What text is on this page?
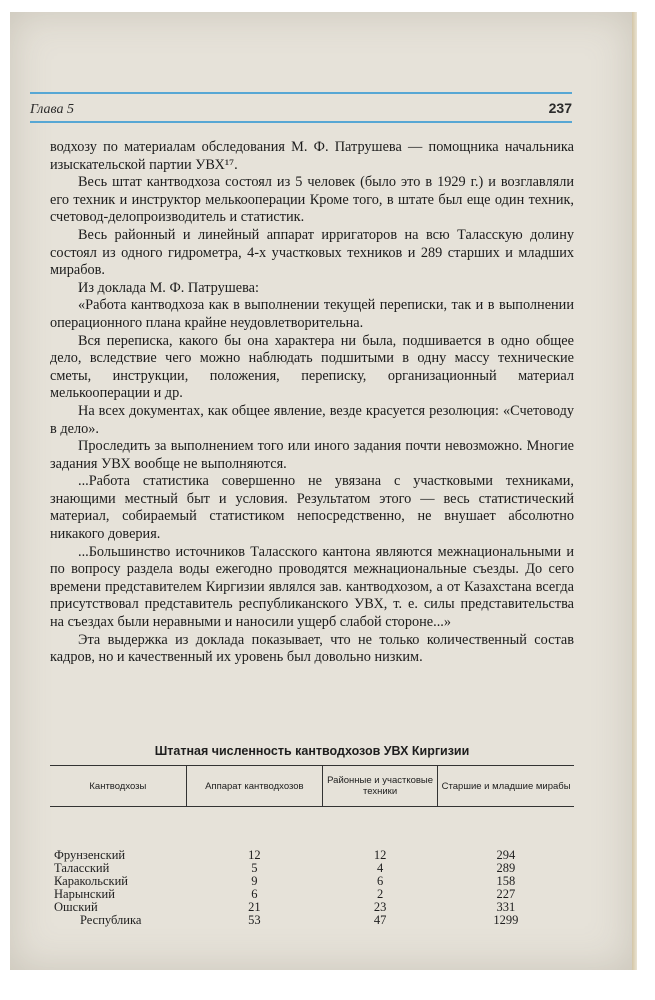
Глава 5	237

водхозу по материалам обследования М. Ф. Патрушева — помощника начальника изыскательской партии УВХ¹⁷.

Весь штат кантводхоза состоял из 5 человек (было это в 1929 г.) и возглавляли его техник и инструктор мелькооперации Кроме того, в штате был еще один техник, счетовод-делопроизводитель и статистик.

Весь районный и линейный аппарат ирригаторов на всю Таласскую долину состоял из одного гидрометра, 4-х участковых техников и 289 старших и младших мирабов.

Из доклада М. Ф. Патрушева:

«Работа кантводхоза как в выполнении текущей переписки, так и в выполнении операционного плана крайне неудовлетворительна.

Вся переписка, какого бы она характера ни была, подшивается в одно общее дело, вследствие чего можно наблюдать подшитыми в одну массу технические сметы, инструкции, положения, переписку, организационный материал мелькооперации и др.

На всех документах, как общее явление, везде красуется резолюция: «Счетоводу в дело».

Проследить за выполнением того или иного задания почти невозможно. Многие задания УВХ вообще не выполняются.

...Работа статистика совершенно не увязана с участковыми техниками, знающими местный быт и условия. Результатом этого — весь статистический материал, собираемый статистиком непосредственно, не внушает абсолютно никакого доверия.

...Большинство источников Таласского кантона являются межнациональными и по вопросу раздела воды ежегодно проводятся межнациональные съезды. До сего времени представителем Киргизии являлся зав. кантводхозом, а от Казахстана всегда присутствовал представитель республиканского УВХ, т. е. силы представительства на съездах были неравными и наносили ущерб слабой стороне...»

Эта выдержка из доклада показывает, что не только количественный состав кадров, но и качественный их уровень был довольно низким.

Штатная численность кантводхозов УВХ Киргизии
Кантводхозы	Аппарат кантводхозов	Районные и участковые техники	Старшие и младшие мирабы

Фрунзенский	12	12	294
Таласский	5	4	289
Каракольский	9	6	158
Нарынский	6	2	227
Ошский	21	23	331
Республика	53	47	1299
